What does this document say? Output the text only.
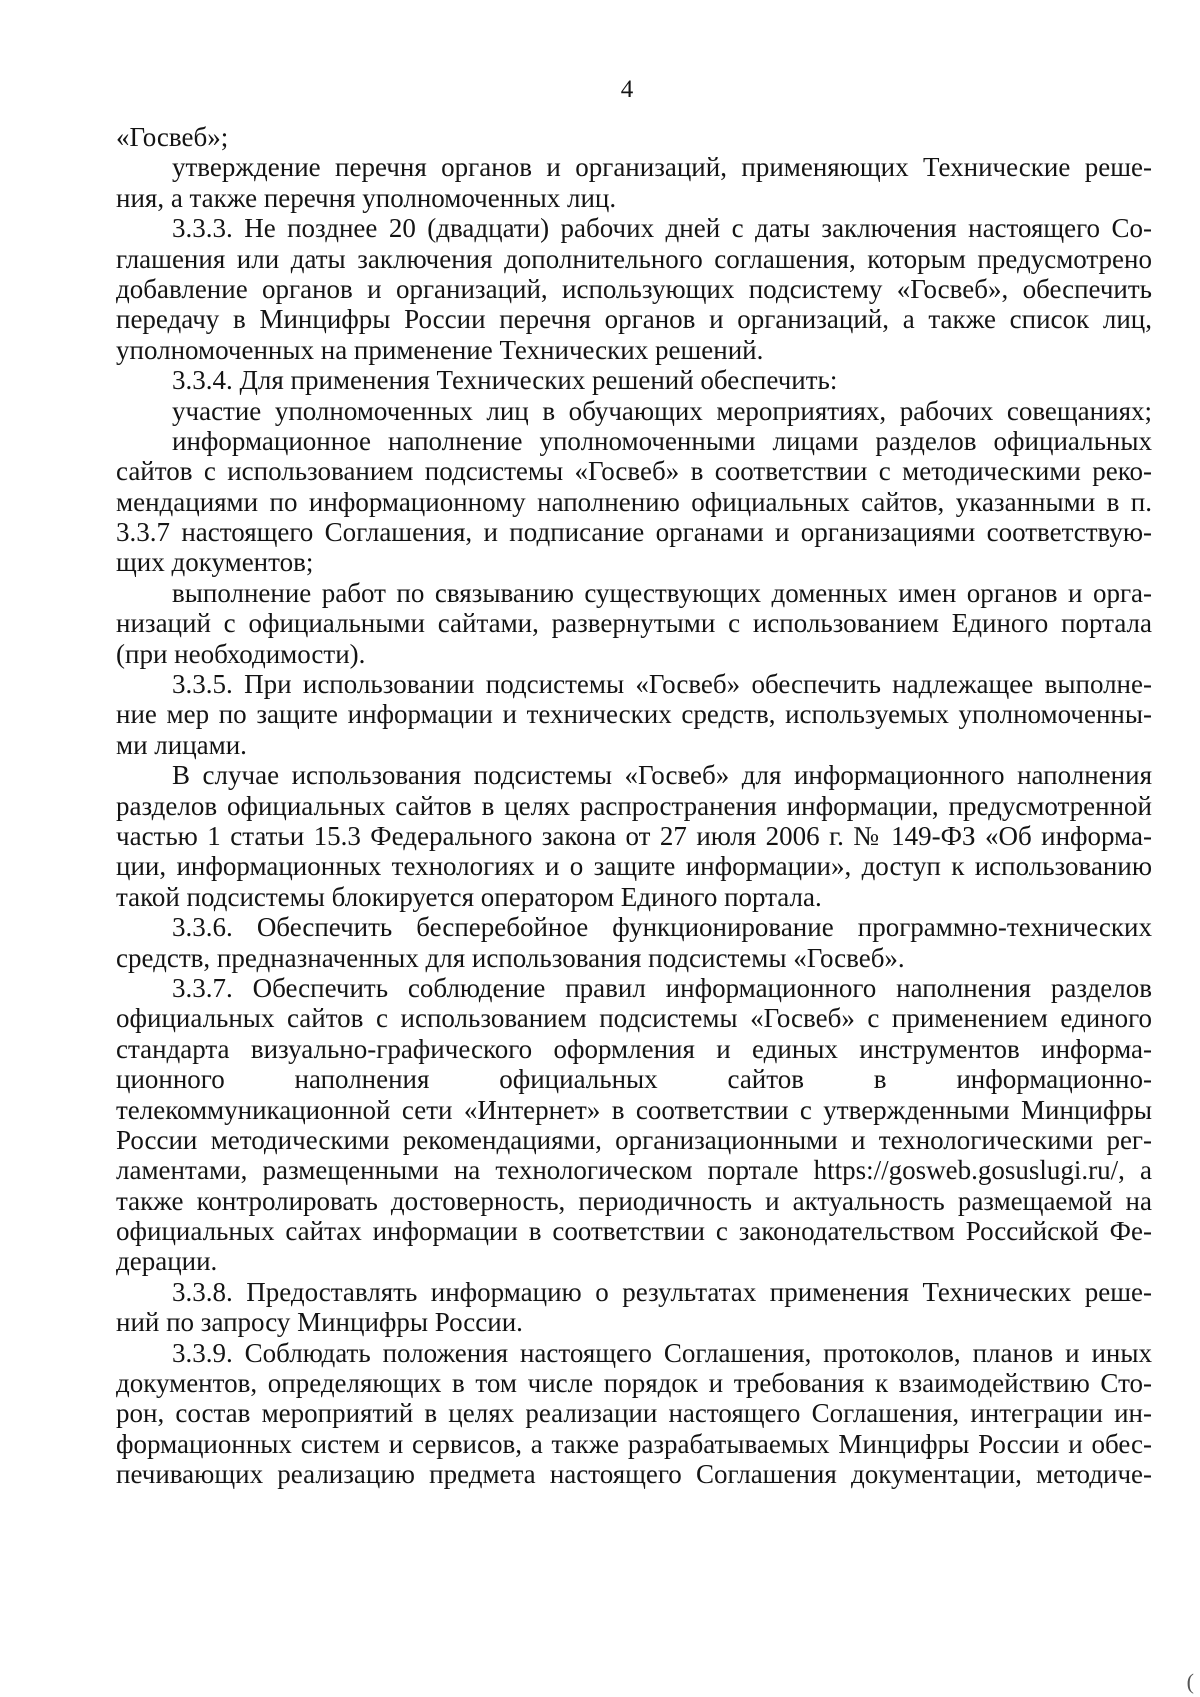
4
«Госвеб»;
утверждение перечня органов и организаций, применяющих Технические реше-
ния, а также перечня уполномоченных лиц.
3.3.3. Не позднее 20 (двадцати) рабочих дней с даты заключения настоящего Со-
глашения или даты заключения дополнительного соглашения, которым предусмотрено
добавление органов и организаций, использующих подсистему «Госвеб», обеспечить
передачу в Минцифры России перечня органов и организаций, а также список лиц,
уполномоченных на применение Технических решений.
3.3.4. Для применения Технических решений обеспечить:
участие уполномоченных лиц в обучающих мероприятиях, рабочих совещаниях;
информационное наполнение уполномоченными лицами разделов официальных
сайтов с использованием подсистемы «Госвеб» в соответствии с методическими реко-
мендациями по информационному наполнению официальных сайтов, указанными в п.
3.3.7 настоящего Соглашения, и подписание органами и организациями соответствую-
щих документов;
выполнение работ по связыванию существующих доменных имен органов и орга-
низаций с официальными сайтами, развернутыми с использованием Единого портала
(при необходимости).
3.3.5. При использовании подсистемы «Госвеб» обеспечить надлежащее выполне-
ние мер по защите информации и технических средств, используемых уполномоченны-
ми лицами.
В случае использования подсистемы «Госвеб» для информационного наполнения
разделов официальных сайтов в целях распространения информации, предусмотренной
частью 1 статьи 15.3 Федерального закона от 27 июля 2006 г. № 149-ФЗ «Об информа-
ции, информационных технологиях и о защите информации», доступ к использованию
такой подсистемы блокируется оператором Единого портала.
3.3.6. Обеспечить бесперебойное функционирование программно-технических
средств, предназначенных для использования подсистемы «Госвеб».
3.3.7. Обеспечить соблюдение правил информационного наполнения разделов
официальных сайтов с использованием подсистемы «Госвеб» с применением единого
стандарта визуально-графического оформления и единых инструментов информа-
ционного наполнения официальных сайтов в информационно-
телекоммуникационной сети «Интернет» в соответствии с утвержденными Минцифры
России методическими рекомендациями, организационными и технологическими рег-
ламентами, размещенными на технологическом портале https://gosweb.gosuslugi.ru/, а
также контролировать достоверность, периодичность и актуальность размещаемой на
официальных сайтах информации в соответствии с законодательством Российской Фе-
дерации.
3.3.8. Предоставлять информацию о результатах применения Технических реше-
ний по запросу Минцифры России.
3.3.9. Соблюдать положения настоящего Соглашения, протоколов, планов и иных
документов, определяющих в том числе порядок и требования к взаимодействию Сто-
рон, состав мероприятий в целях реализации настоящего Соглашения, интеграции ин-
формационных систем и сервисов, а также разрабатываемых Минцифры России и обес-
печивающих реализацию предмета настоящего Соглашения документации, методиче-
(
